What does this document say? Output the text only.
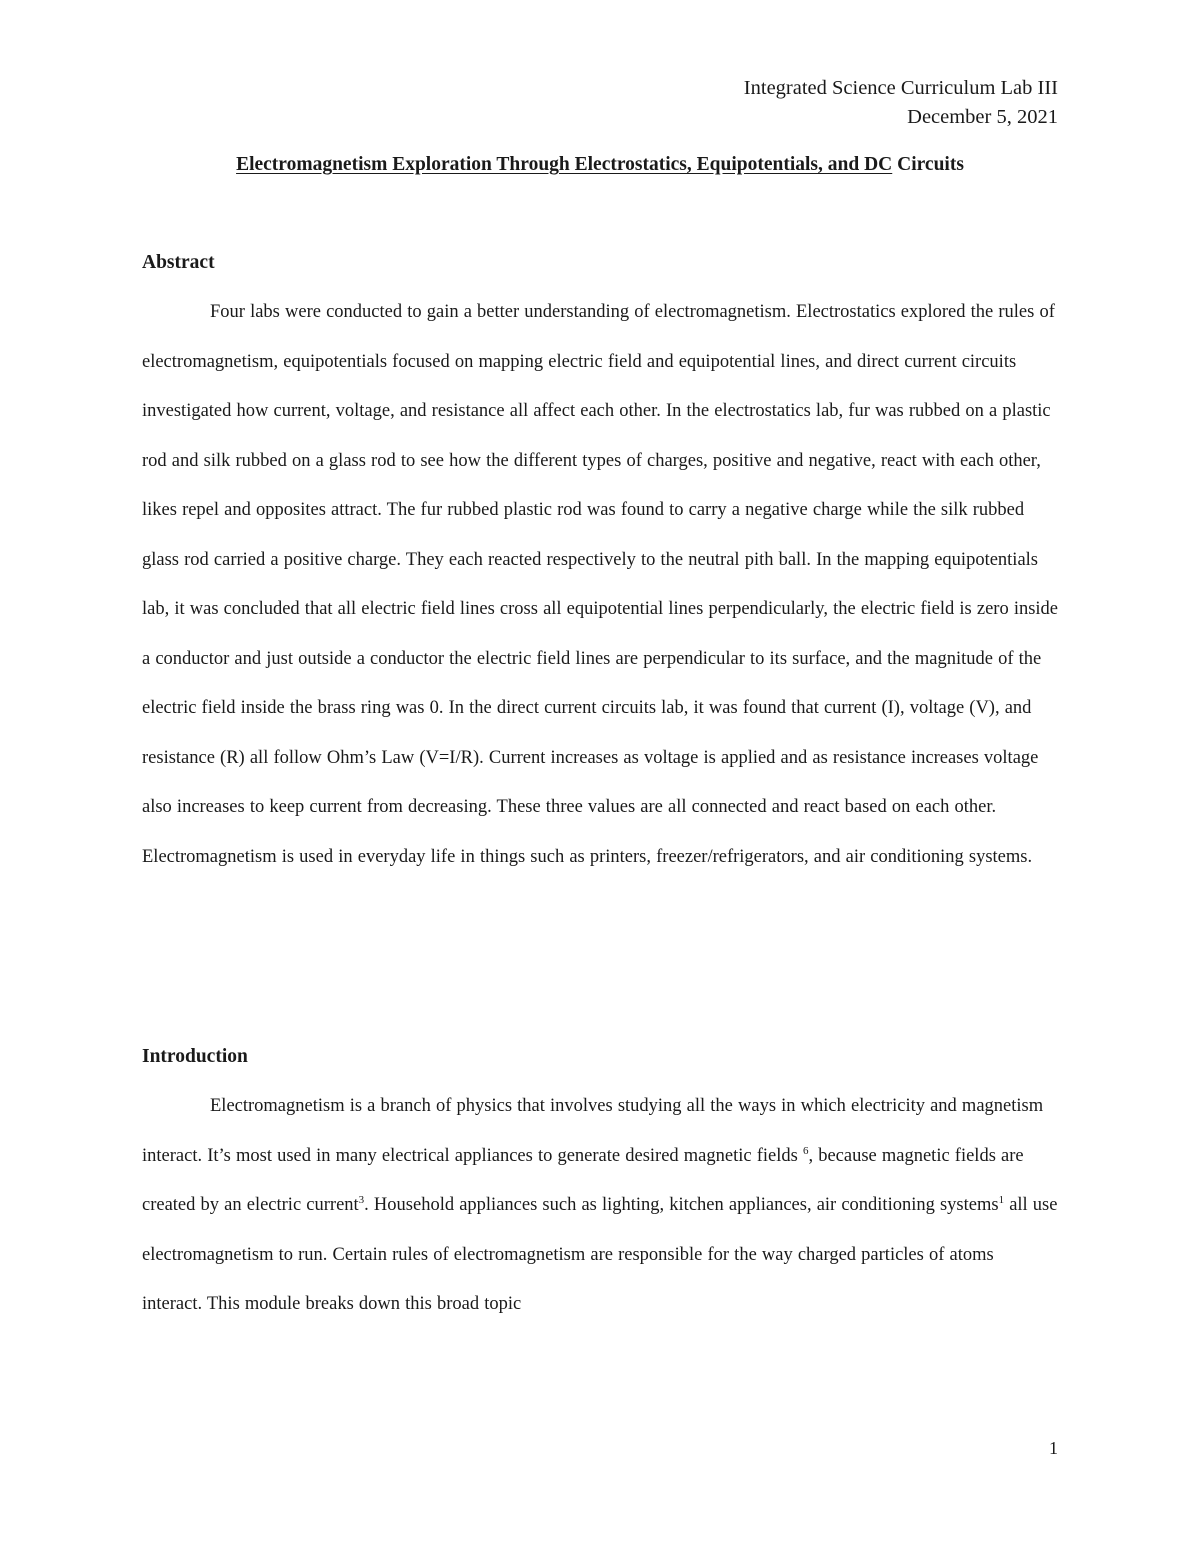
Integrated Science Curriculum Lab III
December 5, 2021
Electromagnetism Exploration Through Electrostatics, Equipotentials, and DC Circuits
Abstract

Four labs were conducted to gain a better understanding of electromagnetism. Electrostatics explored the rules of electromagnetism, equipotentials focused on mapping electric field and equipotential lines, and direct current circuits investigated how current, voltage, and resistance all affect each other. In the electrostatics lab, fur was rubbed on a plastic rod and silk rubbed on a glass rod to see how the different types of charges, positive and negative, react with each other, likes repel and opposites attract. The fur rubbed plastic rod was found to carry a negative charge while the silk rubbed glass rod carried a positive charge. They each reacted respectively to the neutral pith ball. In the mapping equipotentials lab, it was concluded that all electric field lines cross all equipotential lines perpendicularly, the electric field is zero inside a conductor and just outside a conductor the electric field lines are perpendicular to its surface, and the magnitude of the electric field inside the brass ring was 0. In the direct current circuits lab, it was found that current (I), voltage (V), and resistance (R) all follow Ohm’s Law (V=I/R). Current increases as voltage is applied and as resistance increases voltage also increases to keep current from decreasing. These three values are all connected and react based on each other. Electromagnetism is used in everyday life in things such as printers, freezer/refrigerators, and air conditioning systems.

Introduction

Electromagnetism is a branch of physics that involves studying all the ways in which electricity and magnetism interact. It’s most used in many electrical appliances to generate desired magnetic fields $^6$, because magnetic fields are created by an electric current$^3$. Household appliances such as lighting, kitchen appliances, air conditioning systems$^1$ all use electromagnetism to run. Certain rules of electromagnetism are responsible for the way charged particles of atoms interact. This module breaks down this broad topic

1
